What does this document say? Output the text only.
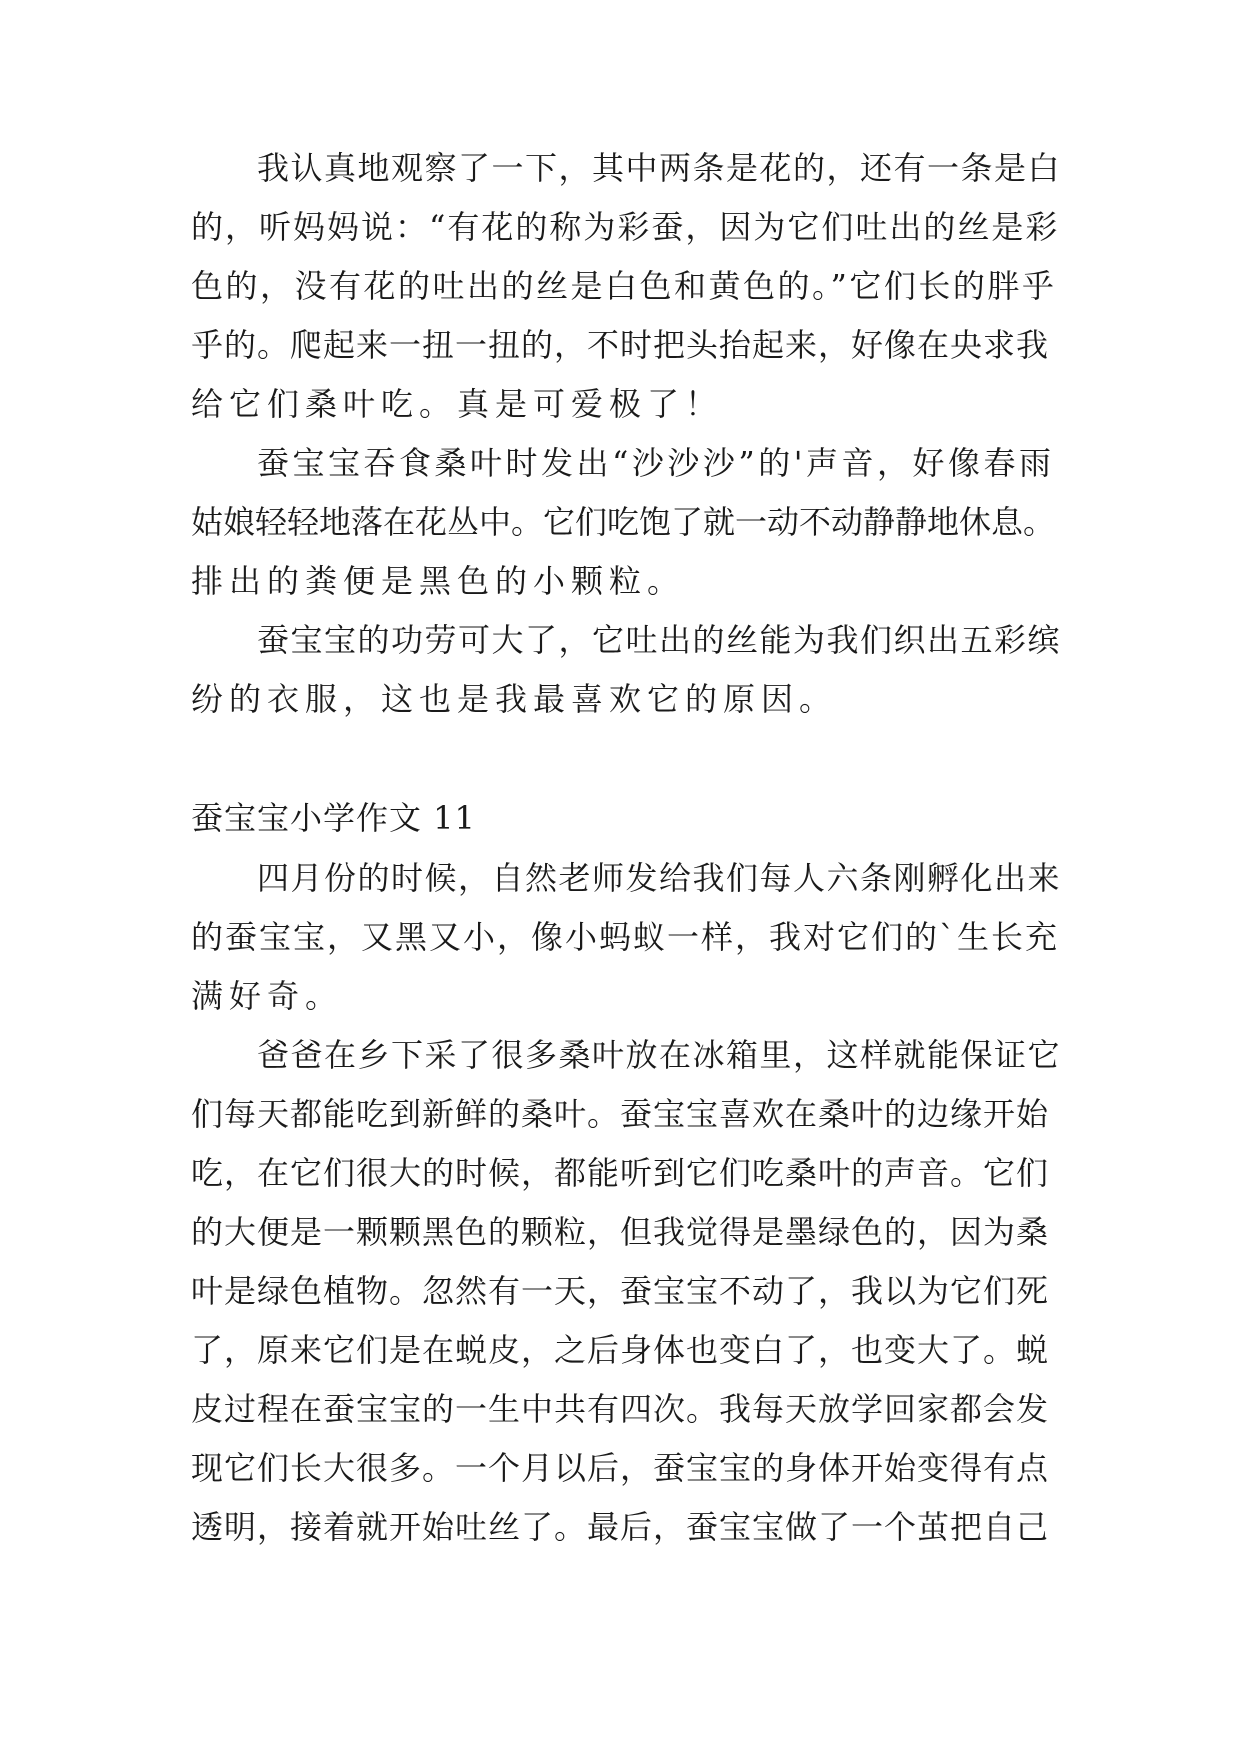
我认真地观察了一下，其中两条是花的，还有一条是白
的，听妈妈说：“有花的称为彩蚕，因为它们吐出的丝是彩
色的，没有花的吐出的丝是白色和黄色的。”它们长的胖乎
乎的。爬起来一扭一扭的，不时把头抬起来，好像在央求我
给它们桑叶吃。真是可爱极了！
蚕宝宝吞食桑叶时发出“沙沙沙”的'声音，好像春雨
姑娘轻轻地落在花丛中。它们吃饱了就一动不动静静地休息。
排出的粪便是黑色的小颗粒。
蚕宝宝的功劳可大了，它吐出的丝能为我们织出五彩缤
纷的衣服，这也是我最喜欢它的原因。
蚕宝宝小学作文 11
四月份的时候，自然老师发给我们每人六条刚孵化出来
的蚕宝宝，又黑又小，像小蚂蚁一样，我对它们的`生长充
满好奇。
爸爸在乡下采了很多桑叶放在冰箱里，这样就能保证它
们每天都能吃到新鲜的桑叶。蚕宝宝喜欢在桑叶的边缘开始
吃，在它们很大的时候，都能听到它们吃桑叶的声音。它们
的大便是一颗颗黑色的颗粒，但我觉得是墨绿色的，因为桑
叶是绿色植物。忽然有一天，蚕宝宝不动了，我以为它们死
了，原来它们是在蜕皮，之后身体也变白了，也变大了。蜕
皮过程在蚕宝宝的一生中共有四次。我每天放学回家都会发
现它们长大很多。一个月以后，蚕宝宝的身体开始变得有点
透明，接着就开始吐丝了。最后，蚕宝宝做了一个茧把自己
